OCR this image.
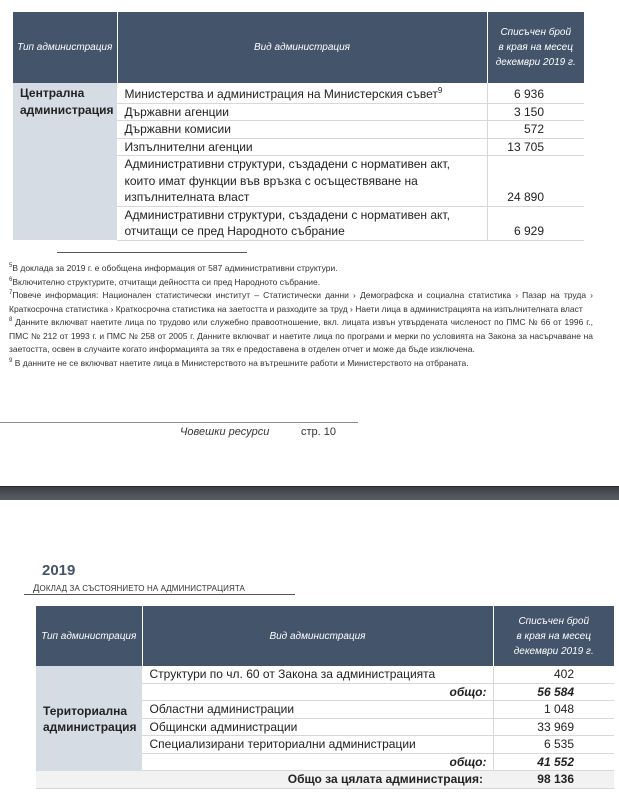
Тип администрация	Вид администрация	Списъчен брой
в края на месец
декември 2019 г.
Централна
администрация	Министерства и администрация на Министерския съвет$^9$	6 936
	Държавни агенции	3 150
	Държавни комисии	572
	Изпълнителни агенции	13 705
	Административни структури, създадени с нормативен акт, които имат функции във връзка с осъществяване на изпълнителната власт	24 890
	Административни структури, създадени с нормативен акт, отчитащи се пред Народното събрание	6 929

$^5$В доклада за 2019 г. е обобщена информация от 587 административни структури.

$^6$Включително структурите, отчитащи дейността си пред Народното събрание.

$^7$Повече информация: Национален статистически институт – Статистически данни › Демографска и социална статистика › Пазар на труда › Краткосрочна статистика › Краткосрочна статистика на заетостта и разходите за труд › Наети лица в администрацията на изпълнителната власт

$^8$ Данните включват наетите лица по трудово или служебно правоотношение, вкл. лицата извън утвърдената численост по ПМС № 66 от 1996 г., ПМС № 212 от 1993 г. и ПМС № 258 от 2005 г. Данните включват и наетите лица по програми и мерки по условията на Закона за насърчаване на заетостта, освен в случаите когато информацията за тях е предоставена в отделен отчет и може да бъде изключена.

$^9$ В данните не се включват наетите лица в Министерството на вътрешните работи и Министерството на отбраната.

Човешки ресурси	стр. 10
2019
ДОКЛАД ЗА СЪСТОЯНИЕТО НА АДМИНИСТРАЦИЯТА
Тип администрация	Вид администрация	Списъчен брой
в края на месец
декември 2019 г.
Териториална
администрация	Структури по чл. 60 от Закона за администрацията	402
	общо:	56 584
	Областни администрации	1 048
	Общински администрации	33 969
	Специализирани териториални администрации	6 535
	общо:	41 552
Общо за цялата администрация:		98 136
